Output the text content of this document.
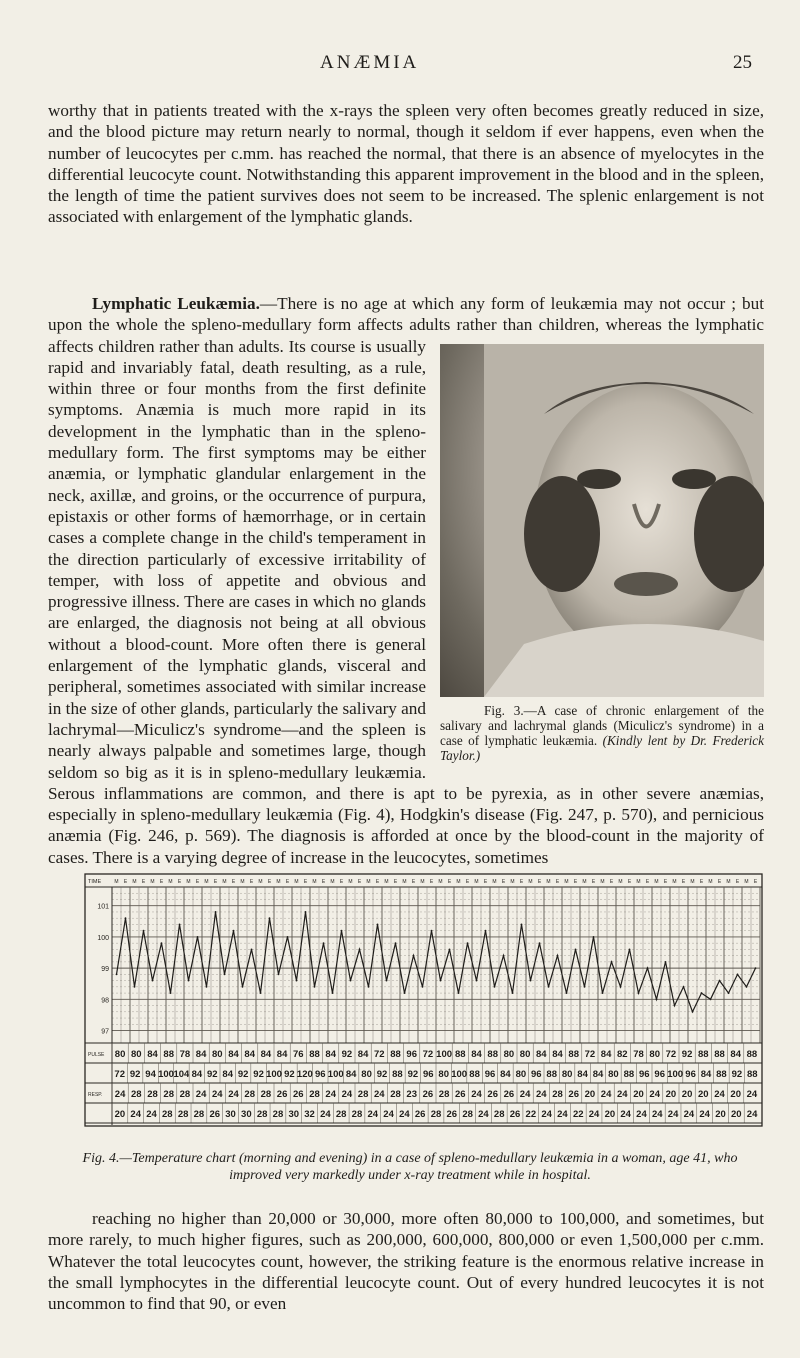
ANÆMIA	25

worthy that in patients treated with the x-rays the spleen very often becomes greatly reduced in size, and the blood picture may return nearly to normal, though it seldom if ever happens, even when the number of leucocytes per c.mm. has reached the normal, that there is an absence of myelocytes in the differential leucocyte count. Notwithstanding this apparent improvement in the blood and in the spleen, the length of time the patient survives does not seem to be increased. The splenic enlargement is not associated with enlargement of the lymphatic glands.

Lymphatic Leukæmia.—There is no age at which any form of leukæmia may not occur ; but upon the whole the spleno-medullary form affects adults rather than children,
Fig. 3.—A case of chronic enlargement of the salivary and lachrymal glands (Miculicz's syndrome) in a case of lymphatic leukæmia. (Kindly lent by Dr. Frederick Taylor.)
whereas the lymphatic affects children rather than adults. Its course is usually rapid and invariably fatal, death resulting, as a rule, within three or four months from the first definite symptoms. Anæmia is much more rapid in its development in the lymphatic than in the spleno-medullary form. The first symptoms may be either anæmia, or lymphatic glandular enlargement in the neck, axillæ, and groins, or the occurrence of purpura, epistaxis or other forms of hæmorrhage, or in certain cases a complete change in the child's temperament in the direction particularly of excessive irritability of temper, with loss of appetite and obvious and progressive illness. There are cases in which no glands are enlarged, the diagnosis not being at all obvious without a blood-count. More often there is general enlargement of the lymphatic glands, visceral and peripheral, sometimes associated with similar increase in the size of other glands, particularly the salivary and lachrymal—Miculicz's syndrome—and the spleen is nearly always palpable and sometimes large, though seldom so big as it is in spleno-medullary leukæmia. Serous inflammations are common, and there is apt to be pyrexia, as in other severe anæmias, especially in spleno-medullary leukæmia (Fig. 4), Hodgkin's disease (Fig. 247, p. 570), and pernicious anæmia (Fig. 246, p. 569). The diagnosis is afforded at once by the blood-count in the majority of cases. There is a varying degree of increase in the leucocytes, sometimes
TIME	M E M E M E M E M E M E M E M E M E M E M E M E M E M E M E M E M E M E M E M E M E M E M E M E M E M E M E M E M E M E M E M E M E M E M E M E
101
100
99
98
97
PULSE 80 80 84 88 78 84 80 84 84 84 84 76 88 84 92 84 72 88 96 72 100 88 84 88 80 80 84 84 88 72 84 82 78 80 72 92 88 88 84 88
72 92 94 100 104 84 92 84 92 92 100 92 120 96 100 84 80 92 88 92 96 80 100 88 96 84 80 96 88 80 84 84 80 88 96 96 100 96 84 88 92 88
RESP. 24 28 28 28 28 24 24 24 28 28 26 26 28 24 24 28 24 28 23 26 28 26 24 26 26 24 24 28 26 20 24 24 20 24 20 20 20 24 20 24
20 24 24 28 28 28 26 30 30 28 28 30 32 24 28 28 24 24 24 26 28 26 28 24 28 26 22 24 24 22 24 20 24 24 24 24 24 24 20 20 24

Fig. 4.—Temperature chart (morning and evening) in a case of spleno-medullary leukæmia in a woman, age 41, who improved very markedly under x-ray treatment while in hospital.

reaching no higher than 20,000 or 30,000, more often 80,000 to 100,000, and sometimes, but more rarely, to much higher figures, such as 200,000, 600,000, 800,000 or even 1,500,000 per c.mm. Whatever the total leucocytes count, however, the striking feature is the enormous relative increase in the small lymphocytes in the differential leucocyte count. Out of every hundred leucocytes it is not uncommon to find that 90, or even
